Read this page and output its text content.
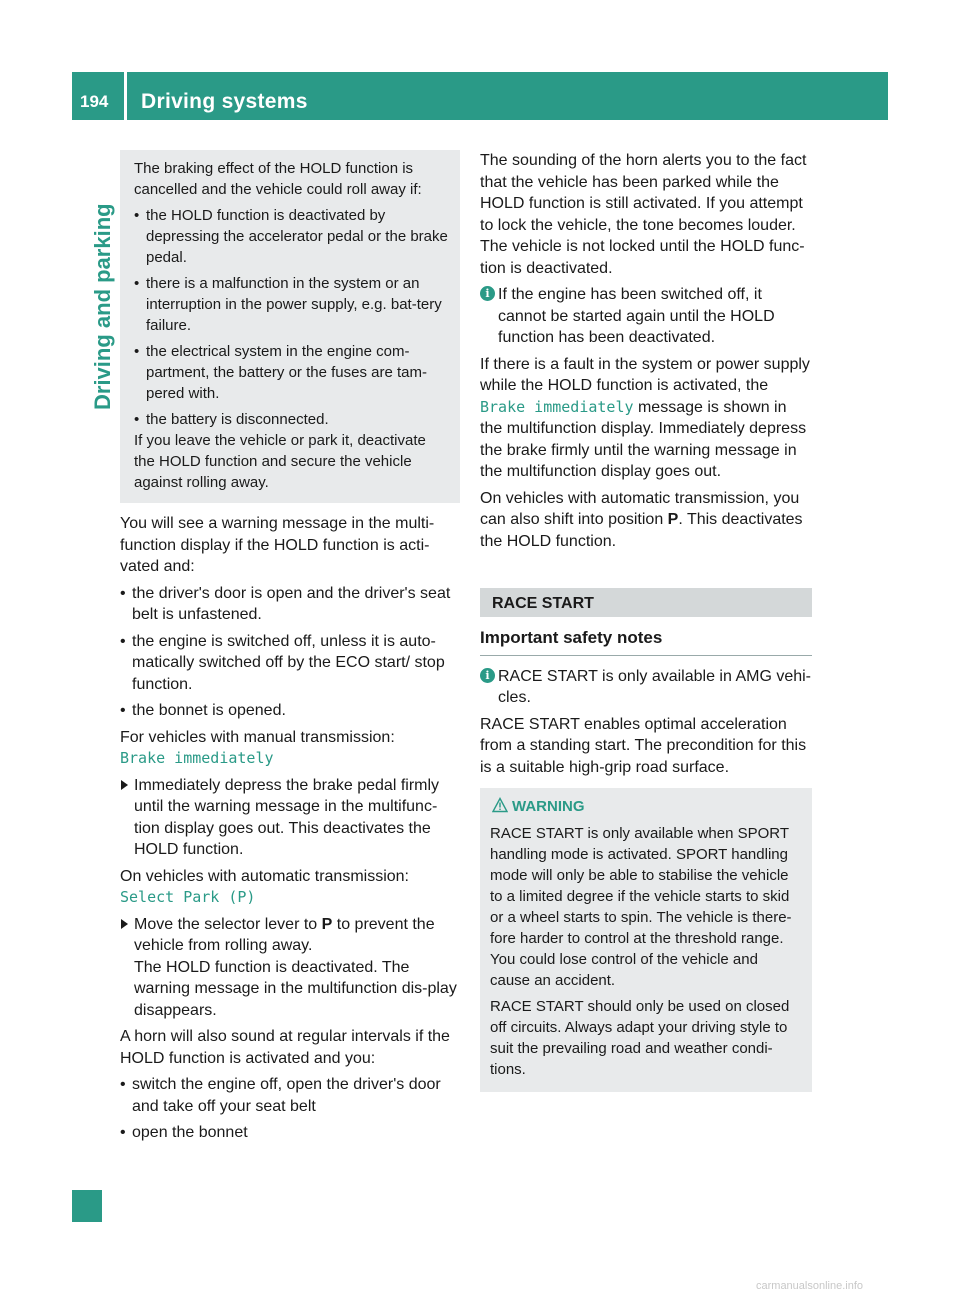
194 Driving systems
Driving and parking

The braking effect of the HOLD function is cancelled and the vehicle could roll away if:

• the HOLD function is deactivated by depressing the accelerator pedal or the brake pedal.
• there is a malfunction in the system or an interruption in the power supply, e.g. bat-tery failure.
• the electrical system in the engine com-partment, the battery or the fuses are tam-pered with.
• the battery is disconnected.

If you leave the vehicle or park it, deactivate the HOLD function and secure the vehicle against rolling away.

You will see a warning message in the multi-function display if the HOLD function is acti-vated and:

• the driver's door is open and the driver's seat belt is unfastened.
• the engine is switched off, unless it is auto-matically switched off by the ECO start/ stop function.
• the bonnet is opened.

For vehicles with manual transmission:

Brake immediately

Immediately depress the brake pedal firmly until the warning message in the multifunc-tion display goes out. This deactivates the HOLD function.

On vehicles with automatic transmission:

Select Park (P)

Move the selector lever to P to prevent the vehicle from rolling away.
The HOLD function is deactivated. The warning message in the multifunction dis-play disappears.

A horn will also sound at regular intervals if the HOLD function is activated and you:

• switch the engine off, open the driver's door and take off your seat belt
• open the bonnet

The sounding of the horn alerts you to the fact that the vehicle has been parked while the HOLD function is still activated. If you attempt to lock the vehicle, the tone becomes louder. The vehicle is not locked until the HOLD func-tion is deactivated.

i If the engine has been switched off, it cannot be started again until the HOLD function has been deactivated.

If there is a fault in the system or power supply while the HOLD function is activated, the Brake immediately message is shown in the multifunction display. Immediately depress the brake firmly until the warning message in the multifunction display goes out.

On vehicles with automatic transmission, you can also shift into position P. This deactivates the HOLD function.

RACE START
Important safety notes
i RACE START is only available in AMG vehi-cles.

RACE START enables optimal acceleration from a standing start. The precondition for this is a suitable high-grip road surface.

WARNING

RACE START is only available when SPORT handling mode is activated. SPORT handling mode will only be able to stabilise the vehicle to a limited degree if the vehicle starts to skid or a wheel starts to spin. The vehicle is there-fore harder to control at the threshold range. You could lose control of the vehicle and cause an accident.

RACE START should only be used on closed off circuits. Always adapt your driving style to suit the prevailing road and weather condi-tions.

carmanualsonline.info
